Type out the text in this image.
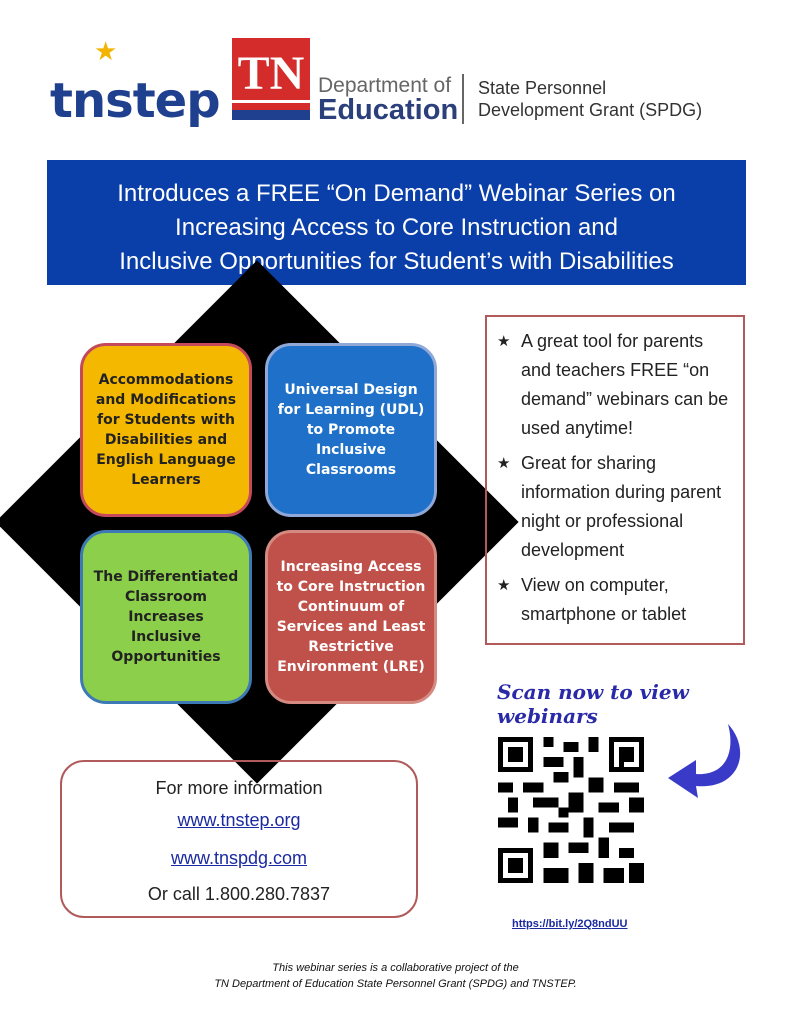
★
tnstep TN Department of
Education
State Personnel
Development Grant (SPDG)
Introduces a FREE “On Demand” Webinar Series on
Increasing Access to Core Instruction and
Inclusive Opportunities for Student’s with Disabilities
Accommodations and Modifications for Students with Disabilities and English Language Learners
Universal Design for Learning (UDL) to Promote Inclusive Classrooms
The Differentiated Classroom Increases Inclusive Opportunities
Increasing Access to Core Instruction Continuum of Services and Least Restrictive Environment (LRE)
★ A great tool for parents and teachers FREE “on demand” webinars can be used anytime!
★ Great for sharing information during parent night or professional development
★ View on computer, smartphone or tablet
Scan now to view webinars
https://bit.ly/2Q8ndUU
For more information
www.tnstep.org
www.tnspdg.com
Or call 1.800.280.7837
This webinar series is a collaborative project of the
TN Department of Education State Personnel Grant (SPDG) and TNSTEP.
